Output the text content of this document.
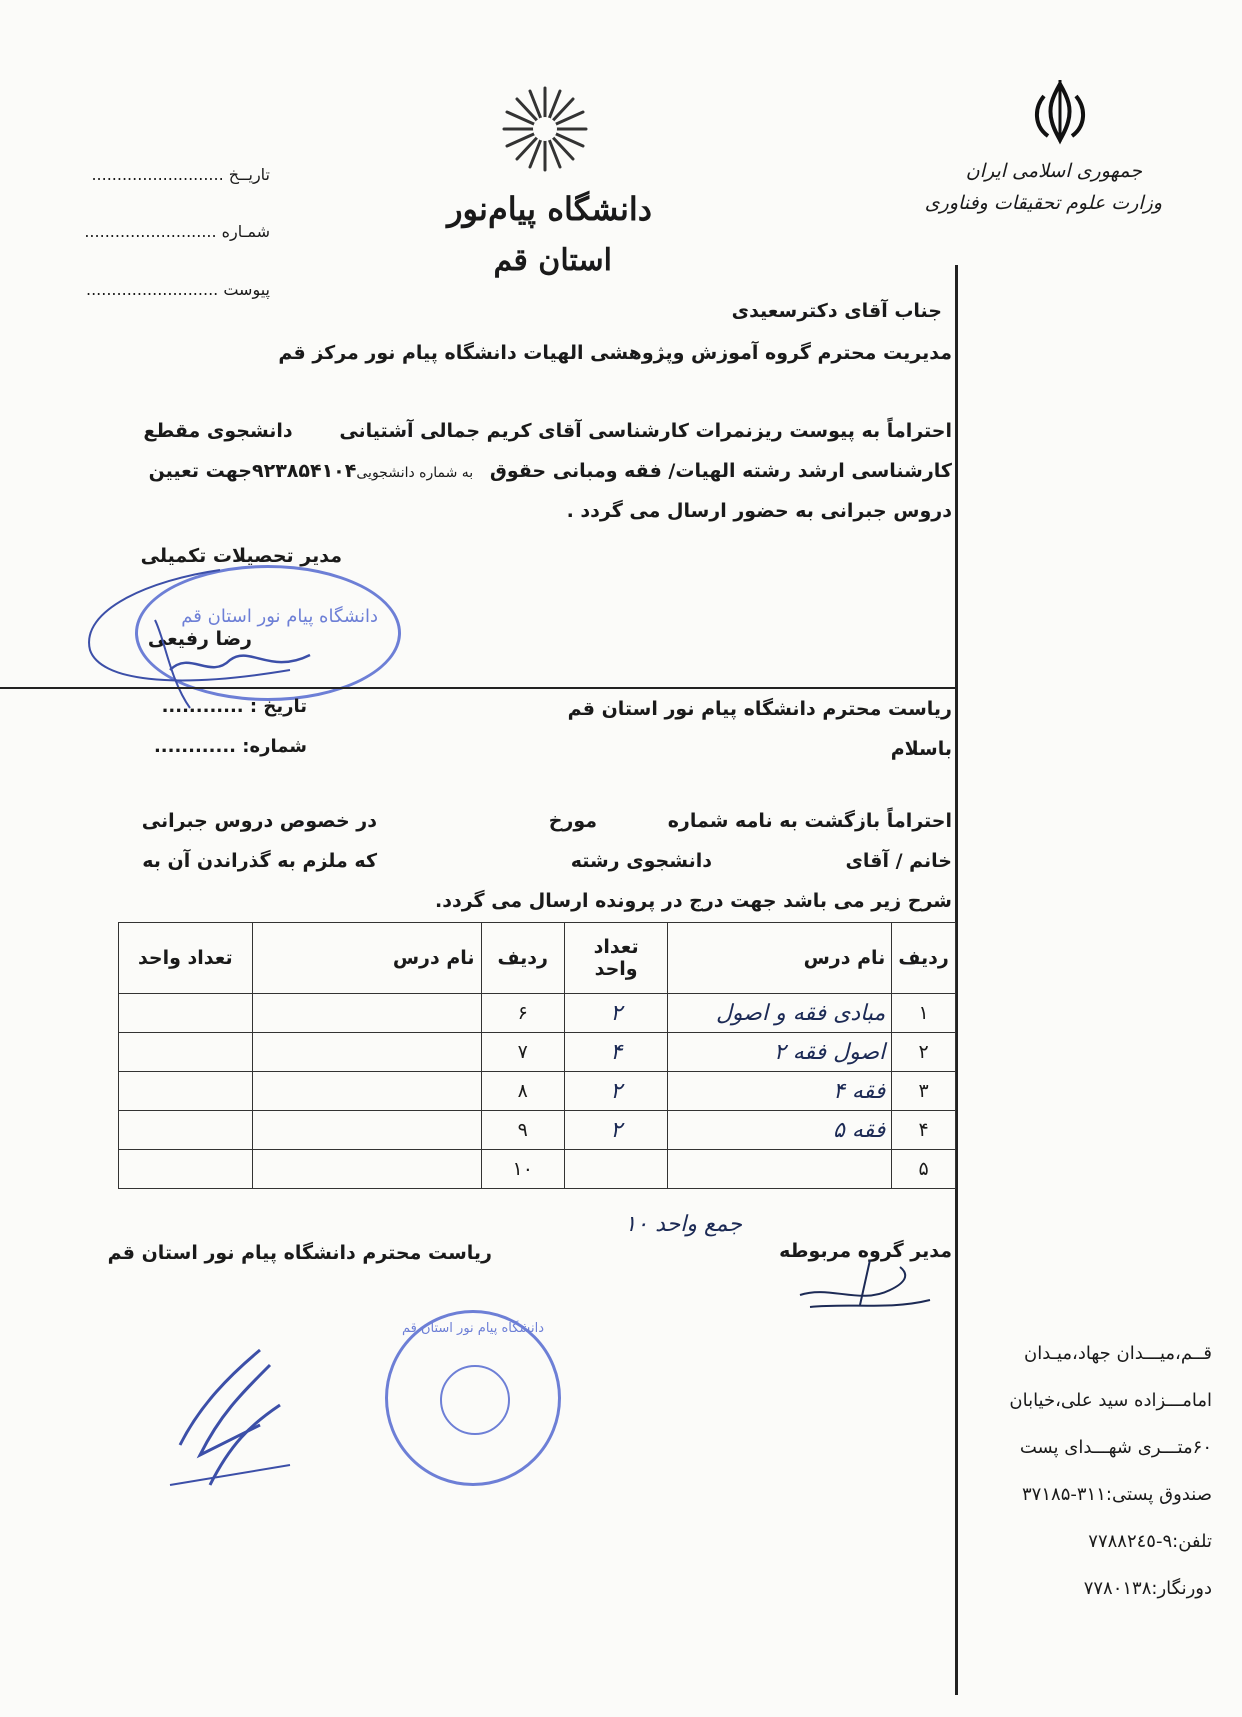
جمهوری اسلامی ایران
وزارت علوم تحقیقات وفناوری
دانشگاه پیام‌نور
استان قم
تاریــخ ..........................
شمـاره ..........................
پیوست ..........................
جناب آقای دکترسعیدی
مدیریت محترم گروه آموزش وپژوهشی الهیات دانشگاه پیام نور مرکز قم
احتراماً به پیوست ریزنمرات کارشناسی آقای کریم جمالی آشتیانی دانشجوی مقطع
کارشناسی ارشد رشته الهیات/ فقه ومبانی حقوق به شماره دانشجویی۹۲۳۸۵۴۱۰۴جهت تعیین
دروس جبرانی به حضور ارسال می گردد .
مدیر تحصیلات تکمیلی
دانشگاه پیام نور استان قم
رضا رفیعی
تاریخ : ............
شماره: ............
ریاست محترم دانشگاه پیام نور استان قم
باسلام
احتراماً بازگشت به نامه شماره
مورخ
در خصوص دروس جبرانی
خانم / آقای
دانشجوی رشته
که ملزم به گذراندن آن به
شرح زیر می باشد جهت درج در پرونده ارسال می گردد.
ردیف	نام درس	تعداد واحد	ردیف	نام درس	تعداد واحد
۱	مبادی فقه و اصول	۲	۶		
۲	اصول فقه ۲	۴	۷		
۳	فقه ۴	۲	۸		
۴	فقه ۵	۲	۹		
۵			۱۰		
جمع واحد ۱۰
مدیر گروه مربوطه
ریاست محترم دانشگاه پیام نور استان قم
دانشگاه پیام نور استان قم
قــم،میـــدان جهاد،میـدان
امامـــزاده سید علی،خیابان
۶۰متـــری شهـــدای پست
صندوق پستی:۳۱۱-۳۷۱۸۵
تلفن:۹-۷۷۸۸۲٤٥
دورنگار:۷۷۸۰۱۳۸
